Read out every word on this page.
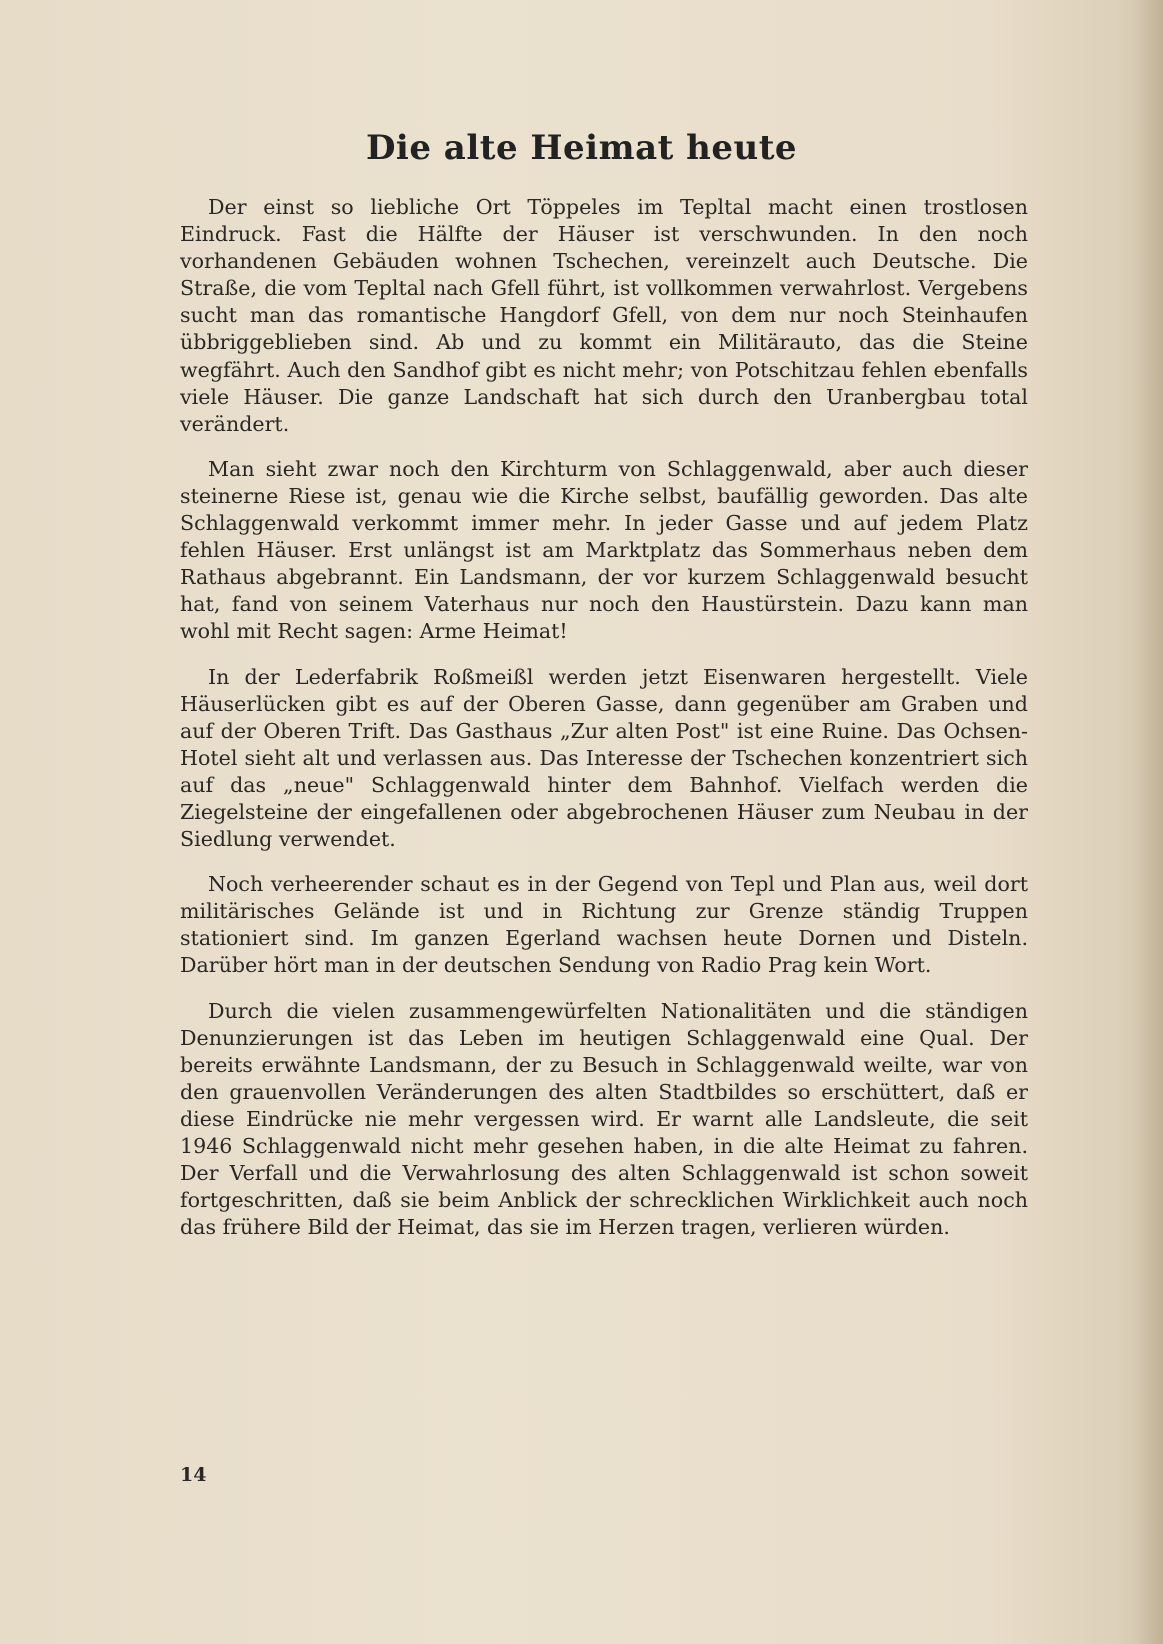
Die alte Heimat heute

Der einst so liebliche Ort Töppeles im Tepltal macht einen trostlosen Eindruck. Fast die Hälfte der Häuser ist verschwunden. In den noch vorhandenen Gebäuden wohnen Tschechen, vereinzelt auch Deutsche. Die Straße, die vom Tepltal nach Gfell führt, ist vollkommen verwahrlost. Vergebens sucht man das romantische Hangdorf Gfell, von dem nur noch Steinhaufen übbriggeblieben sind. Ab und zu kommt ein Militärauto, das die Steine wegfährt. Auch den Sandhof gibt es nicht mehr; von Potschitzau fehlen ebenfalls viele Häuser. Die ganze Landschaft hat sich durch den Uranbergbau total verändert.

Man sieht zwar noch den Kirchturm von Schlaggenwald, aber auch dieser steinerne Riese ist, genau wie die Kirche selbst, baufällig geworden. Das alte Schlaggenwald verkommt immer mehr. In jeder Gasse und auf jedem Platz fehlen Häuser. Erst unlängst ist am Marktplatz das Sommerhaus neben dem Rathaus abgebrannt. Ein Landsmann, der vor kurzem Schlaggenwald besucht hat, fand von seinem Vaterhaus nur noch den Haustürstein. Dazu kann man wohl mit Recht sagen: Arme Heimat!

In der Lederfabrik Roßmeißl werden jetzt Eisenwaren hergestellt. Viele Häuserlücken gibt es auf der Oberen Gasse, dann gegenüber am Graben und auf der Oberen Trift. Das Gasthaus „Zur alten Post" ist eine Ruine. Das Ochsen-Hotel sieht alt und verlassen aus. Das Interesse der Tschechen konzentriert sich auf das „neue" Schlaggenwald hinter dem Bahnhof. Vielfach werden die Ziegelsteine der eingefallenen oder abgebrochenen Häuser zum Neubau in der Siedlung verwendet.

Noch verheerender schaut es in der Gegend von Tepl und Plan aus, weil dort militärisches Gelände ist und in Richtung zur Grenze ständig Truppen stationiert sind. Im ganzen Egerland wachsen heute Dornen und Disteln. Darüber hört man in der deutschen Sendung von Radio Prag kein Wort.

Durch die vielen zusammengewürfelten Nationalitäten und die ständigen Denunzierungen ist das Leben im heutigen Schlaggenwald eine Qual. Der bereits erwähnte Landsmann, der zu Besuch in Schlaggenwald weilte, war von den grauenvollen Veränderungen des alten Stadtbildes so erschüttert, daß er diese Eindrücke nie mehr vergessen wird. Er warnt alle Landsleute, die seit 1946 Schlaggenwald nicht mehr gesehen haben, in die alte Heimat zu fahren. Der Verfall und die Verwahrlosung des alten Schlaggenwald ist schon soweit fortgeschritten, daß sie beim Anblick der schrecklichen Wirklichkeit auch noch das frühere Bild der Heimat, das sie im Herzen tragen, verlieren würden.

14
